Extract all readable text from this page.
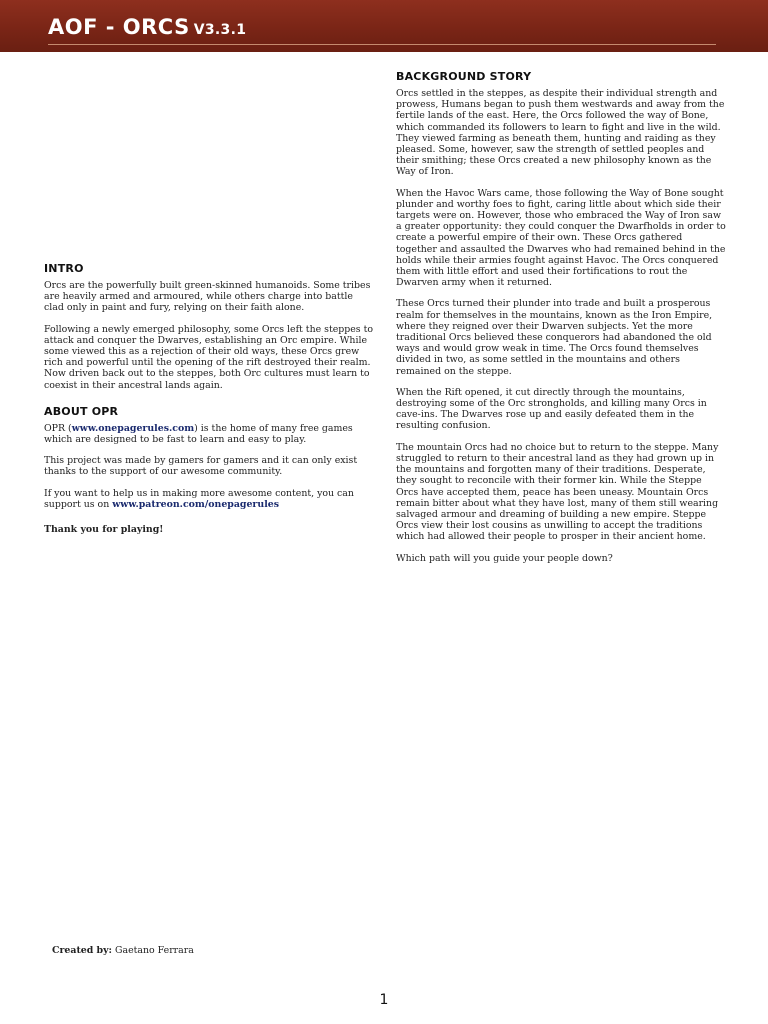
AOF - ORCS V3.3.1
INTRO

Orcs are the powerfully built green-skinned humanoids. Some tribes are heavily armed and armoured, while others charge into battle clad only in paint and fury, relying on their faith alone.

Following a newly emerged philosophy, some Orcs left the steppes to attack and conquer the Dwarves, establishing an Orc empire. While some viewed this as a rejection of their old ways, these Orcs grew rich and powerful until the opening of the rift destroyed their realm. Now driven back out to the steppes, both Orc cultures must learn to coexist in their ancestral lands again.

ABOUT OPR

OPR (www.onepagerules.com) is the home of many free games which are designed to be fast to learn and easy to play.

This project was made by gamers for gamers and it can only exist thanks to the support of our awesome community.

If you want to help us in making more awesome content, you can support us on www.patreon.com/onepagerules

Thank you for playing!

BACKGROUND STORY

Orcs settled in the steppes, as despite their individual strength and prowess, Humans began to push them westwards and away from the fertile lands of the east. Here, the Orcs followed the way of Bone, which commanded its followers to learn to fight and live in the wild. They viewed farming as beneath them, hunting and raiding as they pleased. Some, however, saw the strength of settled peoples and their smithing; these Orcs created a new philosophy known as the Way of Iron.

When the Havoc Wars came, those following the Way of Bone sought plunder and worthy foes to fight, caring little about which side their targets were on. However, those who embraced the Way of Iron saw a greater opportunity: they could conquer the Dwarfholds in order to create a powerful empire of their own. These Orcs gathered together and assaulted the Dwarves who had remained behind in the holds while their armies fought against Havoc. The Orcs conquered them with little effort and used their fortifications to rout the Dwarven army when it returned.

These Orcs turned their plunder into trade and built a prosperous realm for themselves in the mountains, known as the Iron Empire, where they reigned over their Dwarven subjects. Yet the more traditional Orcs believed these conquerors had abandoned the old ways and would grow weak in time. The Orcs found themselves divided in two, as some settled in the mountains and others remained on the steppe.

When the Rift opened, it cut directly through the mountains, destroying some of the Orc strongholds, and killing many Orcs in cave-ins. The Dwarves rose up and easily defeated them in the resulting confusion.

The mountain Orcs had no choice but to return to the steppe. Many struggled to return to their ancestral land as they had grown up in the mountains and forgotten many of their traditions. Desperate, they sought to reconcile with their former kin. While the Steppe Orcs have accepted them, peace has been uneasy. Mountain Orcs remain bitter about what they have lost, many of them still wearing salvaged armour and dreaming of building a new empire. Steppe Orcs view their lost cousins as unwilling to accept the traditions which had allowed their people to prosper in their ancient home.

Which path will you guide your people down?

Created by: Gaetano Ferrara
1
